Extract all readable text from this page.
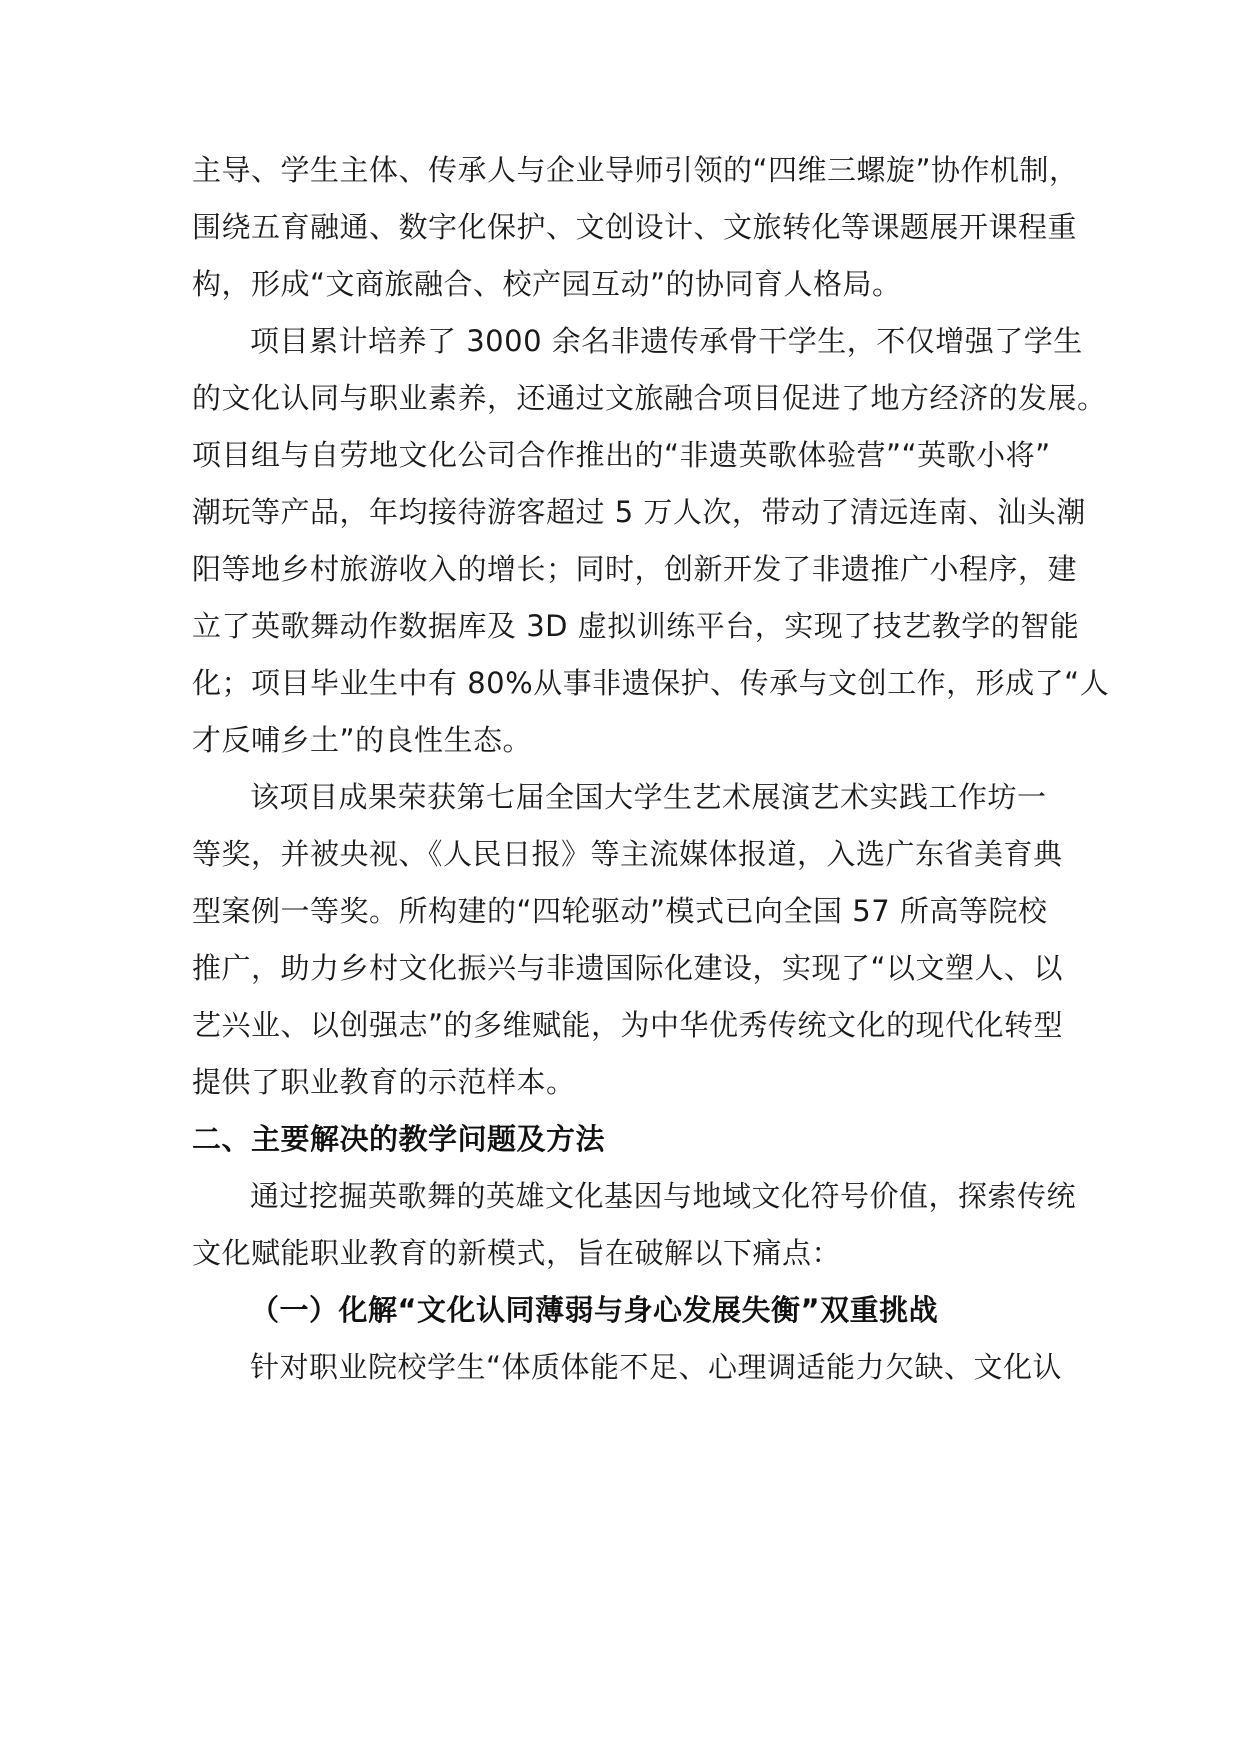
主导、学生主体、传承人与企业导师引领的“四维三螺旋”协作机制，
围绕五育融通、数字化保护、文创设计、文旅转化等课题展开课程重
构，形成“文商旅融合、校产园互动”的协同育人格局。
项目累计培养了 3000 余名非遗传承骨干学生，不仅增强了学生
的文化认同与职业素养，还通过文旅融合项目促进了地方经济的发展。
项目组与自劳地文化公司合作推出的“非遗英歌体验营”“英歌小将”
潮玩等产品，年均接待游客超过 5 万人次，带动了清远连南、汕头潮
阳等地乡村旅游收入的增长；同时，创新开发了非遗推广小程序，建
立了英歌舞动作数据库及 3D 虚拟训练平台，实现了技艺教学的智能
化；项目毕业生中有 80%从事非遗保护、传承与文创工作，形成了“人
才反哺乡土”的良性生态。
该项目成果荣获第七届全国大学生艺术展演艺术实践工作坊一
等奖，并被央视、《人民日报》等主流媒体报道，入选广东省美育典
型案例一等奖。所构建的“四轮驱动”模式已向全国 57 所高等院校
推广，助力乡村文化振兴与非遗国际化建设，实现了“以文塑人、以
艺兴业、以创强志”的多维赋能，为中华优秀传统文化的现代化转型
提供了职业教育的示范样本。
二、主要解决的教学问题及方法
通过挖掘英歌舞的英雄文化基因与地域文化符号价值，探索传统
文化赋能职业教育的新模式，旨在破解以下痛点：
（一）化解“文化认同薄弱与身心发展失衡”双重挑战
针对职业院校学生“体质体能不足、心理调适能力欠缺、文化认
